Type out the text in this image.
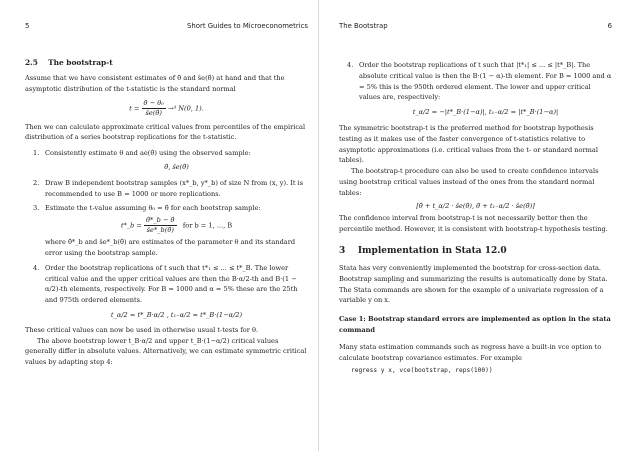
5	Short Guides to Microeconometrics

2.5 The bootstrap-t

Assume that we have consistent estimates of θ̂ and ŝe(θ̂) at hand and that the asymptotic distribution of the t-statistic is the standard normal

$t = \frac{\text{θ̂ − θ₀}}{ŝe(\thetâ)}$ →ᵈ N(0, 1).

Then we can calculate approximate critical values from percentiles of the empirical distribution of a series bootstrap replications for the t-statistic.

1. Consistently estimate θ and ae(θ̂) using the observed sample:

θ̂, ŝe(θ̂)
2. Draw B independent bootstrap samples (x*_b, y*_b) of size N from (x, y). It is recommended to use B = 1000 or more replications.

3. Estimate the t-value assuming θ₀ = θ̂ for each bootstrap sample:

t*_b = $\frac{\thetâ*\_b - \thetâ}{ŝe*\_b(\thetâ)}$ for b = 1, ..., B

where θ̂*_b and ŝe*_b(θ̂) are estimates of the parameter θ and its standard error using the bootstrap sample.

4. Order the bootstrap replications of t such that t*₁ ≤ ... ≤ t*_B. The lower critical value and the upper critical values are then the B·α/2-th and B·(1 − α/2)-th elements, respectively. For B = 1000 and α = 5% these are the 25th and 975th ordered elements.

t_α/2 = t*_B·α/2 , t₁₋α/2 = t*_B·(1−α/2)

These critical values can now be used in otherwise usual t-tests for θ.

The above bootstrap lower t_B·α/2 and upper t_B·(1−α/2) critical values generally differ in absolute values. Alternatively, we can estimate symmetric critical values by adapting step 4:

The Bootstrap	6
4. Order the bootstrap replications of t such that |t*₁| ≤ ... ≤ |t*_B|. The absolute critical value is then the B·(1 − α)-th element. For B = 1000 and α = 5% this is the 950th ordered element. The lower and upper critical values are, respectively:

t_α/2 = −|t*_B·(1−α)|, t₁₋α/2 = |t*_B·(1−α)|

The symmetric bootstrap-t is the preferred method for bootstrap hypothesis testing as it makes use of the faster convergence of t-statistics relative to asymptotic approximations (i.e. critical values from the t- or standard normal tables).

The bootstrap-t procedure can also be used to create confidence intervals using bootstrap critical values instead of the ones from the standard normal tables:

[θ̂ + t_α/2 · ŝe(θ̂), θ̂ + t₁₋α/2 · ŝe(θ̂)]

The confidence interval from bootstrap-t is not necessarily better then the percentile method. However, it is consistent with bootstrap-t hypothesis testing.

3 Implementation in Stata 12.0

Stata has very conveniently implemented the bootstrap for cross-section data. Bootstrap sampling and summarizing the results is automatically done by Stata. The Stata commands are shown for the example of a univariate regression of a variable y on x.

Case 1: Bootstrap standard errors are implemented as option in the stata command

Many stata estimation commands such as regress have a built-in vce option to calculate bootstrap covariance estimates. For example

regress y x, vce(bootstrap, reps(100))
